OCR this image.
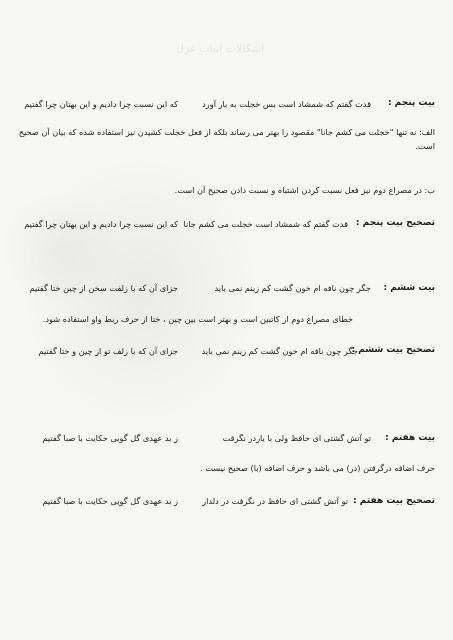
اشکالات ابیات غزل
بیت پنجم :
قدت گفتم که شمشاد است بس خجلت به بار آورد
که این نسبت چرا دادیم و این بهتان چرا گفتیم
الف: نه تنها "خجلت می کشم جانا" مقصود را بهتر می رساند بلکه از فعل خجلت کشیدن نیز استفاده شده که بیان آن صحیح است.
ب: در مصراع دوم نیز فعل نسبت کردن اشتباه و نسبت دادن صحیح آن است.
تصحیح بیت پنجم :
قدت گفتم که شمشاد است خجلت می کشم جانا
که این نسبت چرا دادیم و این بهتان چرا گفتیم
بیت ششم :
جگر چون نافه ام خون گشت کم زینم نمی باید
جزای آن که با زلفت سخن از چین ختا گفتیم
خطای مصراع دوم از کاتبین است و بهتر است بین چین ، ختا از حرف ربط واو استفاده شود.
تصحیح بیت ششم :
جگر چون نافه ام خون گشت کم زینم نمی باید
جزای آن که با زلف تو از چین و ختا گفتیم
بیت هفتم :
تو آتش گشتی ای حافظ ولی با یاردر نگرفت
ز بد عهدی گل گویی حکایت با صبا گفتیم
حرف اضافه درگرفتن (در) می باشد و حرف اضافه (با) صحیح نیست .
تصحیح بیت هفتم :
تو آتش گشتی ای حافظ در نگرفت در دلدار
ز بد عهدی گل گویی حکایت با صبا گفتیم
